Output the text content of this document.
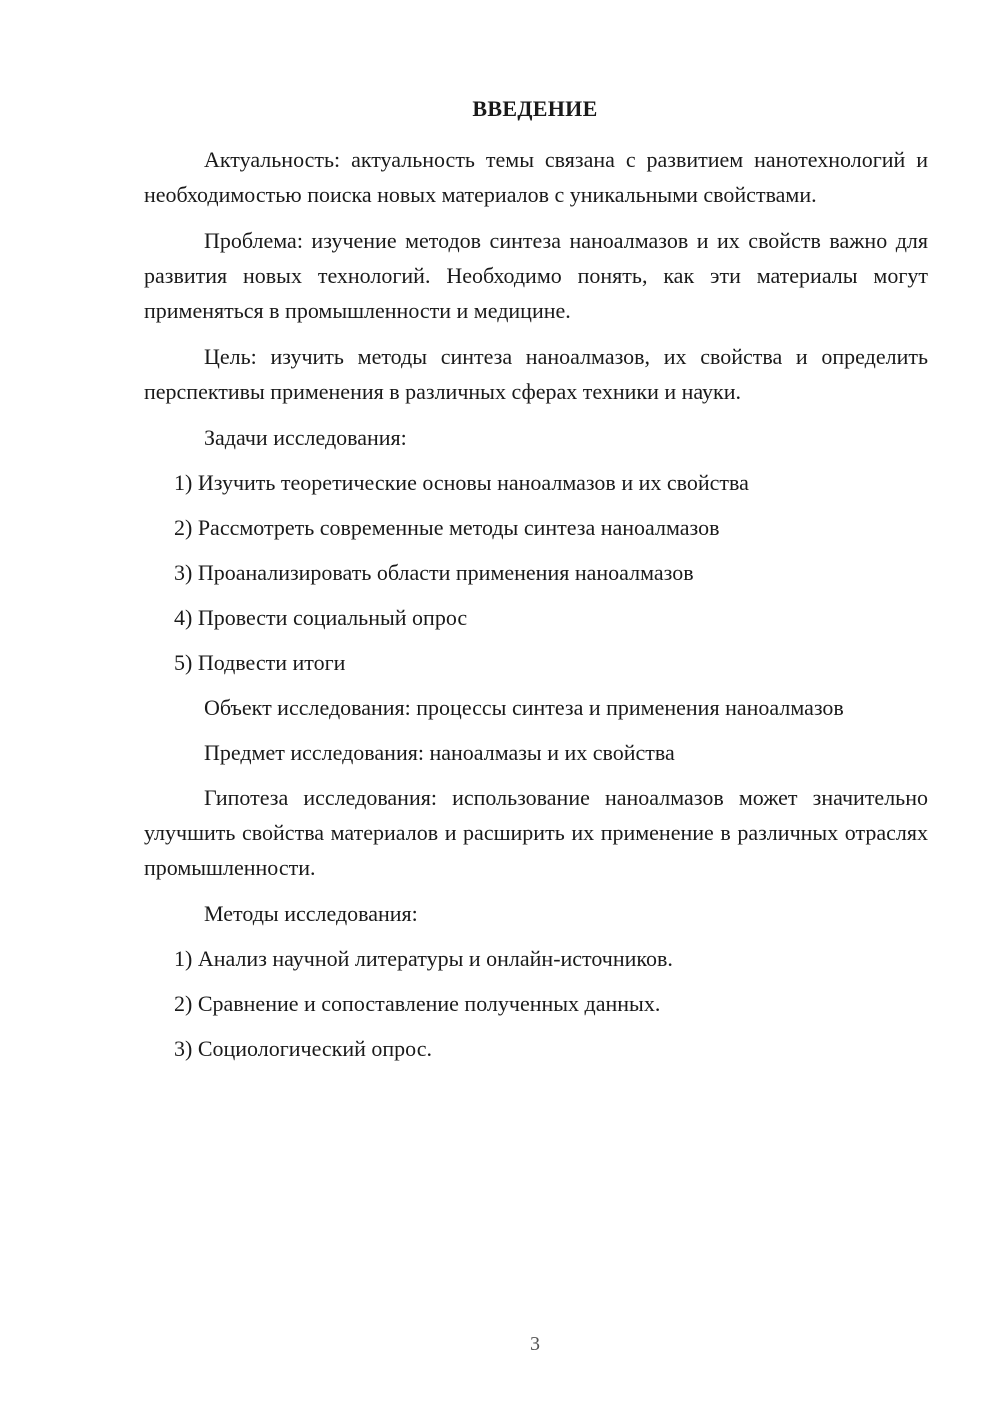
ВВЕДЕНИЕ

Актуальность: актуальность темы связана с развитием нанотехнологий и необходимостью поиска новых материалов с уникальными свойствами.

Проблема: изучение методов синтеза наноалмазов и их свойств важно для развития новых технологий. Необходимо понять, как эти материалы могут применяться в промышленности и медицине.

Цель: изучить методы синтеза наноалмазов, их свойства и определить перспективы применения в различных сферах техники и науки.

Задачи исследования:

1) Изучить теоретические основы наноалмазов и их свойства
2) Рассмотреть современные методы синтеза наноалмазов
3) Проанализировать области применения наноалмазов
4) Провести социальный опрос
5) Подвести итоги

Объект исследования: процессы синтеза и применения наноалмазов

Предмет исследования: наноалмазы и их свойства

Гипотеза исследования: использование наноалмазов может значительно улучшить свойства материалов и расширить их применение в различных отраслях промышленности.

Методы исследования:

1) Анализ научной литературы и онлайн-источников.
2) Сравнение и сопоставление полученных данных.
3) Социологический опрос.
3
